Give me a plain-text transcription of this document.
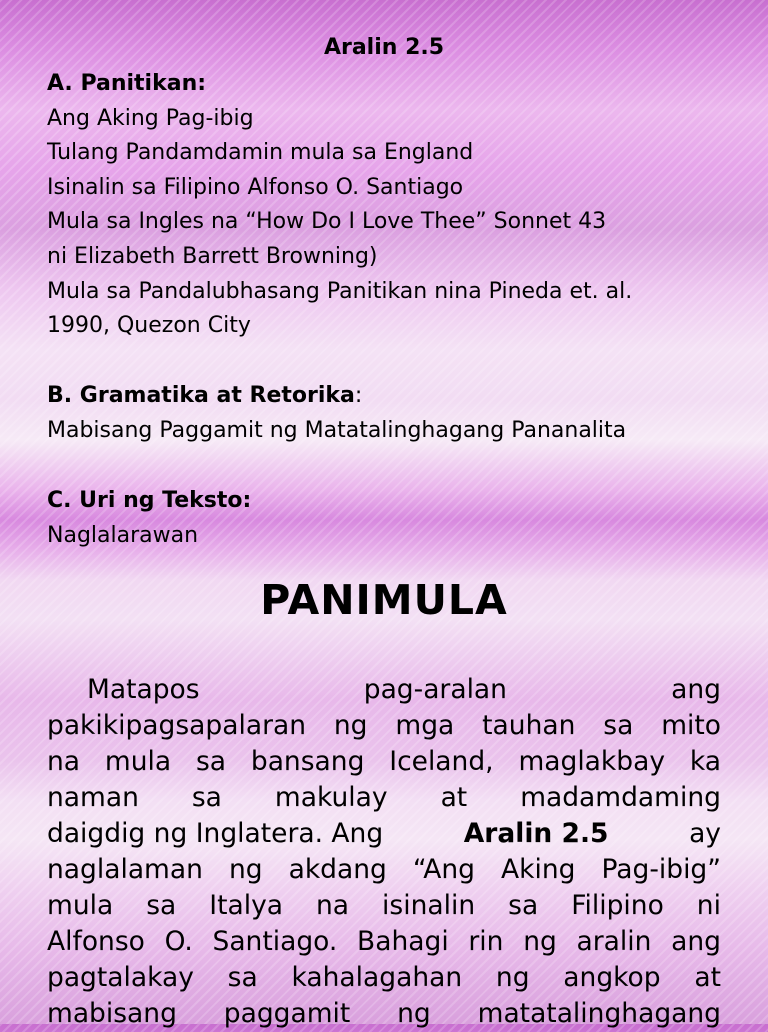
Aralin 2.5
A. Panitikan:
Ang Aking Pag-ibig
Tulang Pandamdamin mula sa England
Isinalin sa Filipino Alfonso O. Santiago
Mula sa Ingles na “How Do I Love Thee” Sonnet 43
ni Elizabeth Barrett Browning)
Mula sa Pandalubhasang Panitikan nina Pineda et. al.
1990, Quezon City
B. Gramatika at Retorika:
Mabisang Paggamit ng Matatalinghagang Pananalita
C. Uri ng Teksto:
Naglalarawan
PANIMULA
Matapos	pag-aralan	ang
pakikipagsapalaran ng mga tauhan sa mito
na mula sa bansang Iceland, maglakbay ka
naman sa makulay at madamdaming
daigdig ng Inglatera. Ang	Aralin 2.5	ay
naglalaman ng akdang “Ang Aking Pag-ibig”
mula sa Italya na isinalin sa Filipino ni
Alfonso O. Santiago. Bahagi rin ng aralin ang
pagtalakay sa kahalagahan ng angkop at
mabisang paggamit ng matatalinghagang
